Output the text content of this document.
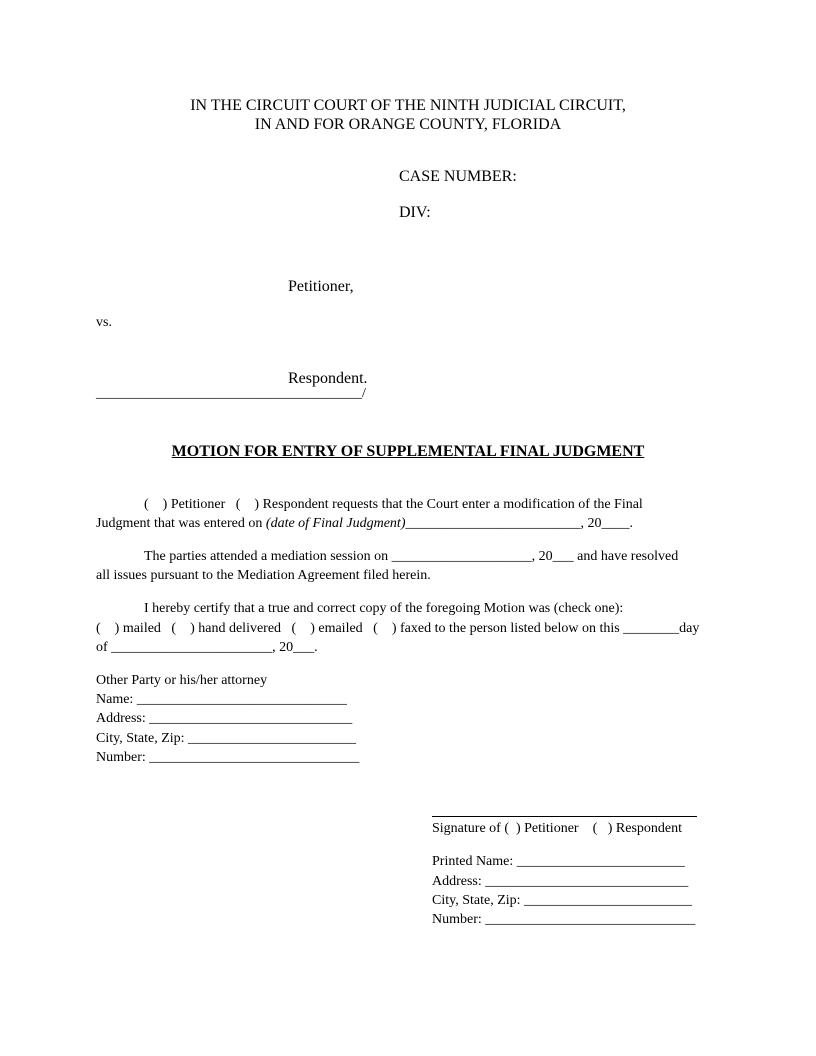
IN THE CIRCUIT COURT OF THE NINTH JUDICIAL CIRCUIT,
IN AND FOR ORANGE COUNTY, FLORIDA
CASE NUMBER:
DIV:
Petitioner,
vs.
Respondent.
______________________________________/
MOTION FOR ENTRY OF SUPPLEMENTAL FINAL JUDGMENT
(    ) Petitioner   (    ) Respondent requests that the Court enter a modification of the Final
Judgment that was entered on (date of Final Judgment)_________________________, 20____.
The parties attended a mediation session on ____________________, 20___ and have resolved
all issues pursuant to the Mediation Agreement filed herein.
I hereby certify that a true and correct copy of the foregoing Motion was (check one):
(    ) mailed   (    ) hand delivered   (    ) emailed   (    ) faxed to the person listed below on this ________day
of _______________________, 20___.
Other Party or his/her attorney
Name: ______________________________
Address: _____________________________
City, State, Zip: ________________________
Number: ______________________________
Signature of (  ) Petitioner    (   ) Respondent
Printed Name: ________________________
Address: _____________________________
City, State, Zip: ________________________
Number: ______________________________
